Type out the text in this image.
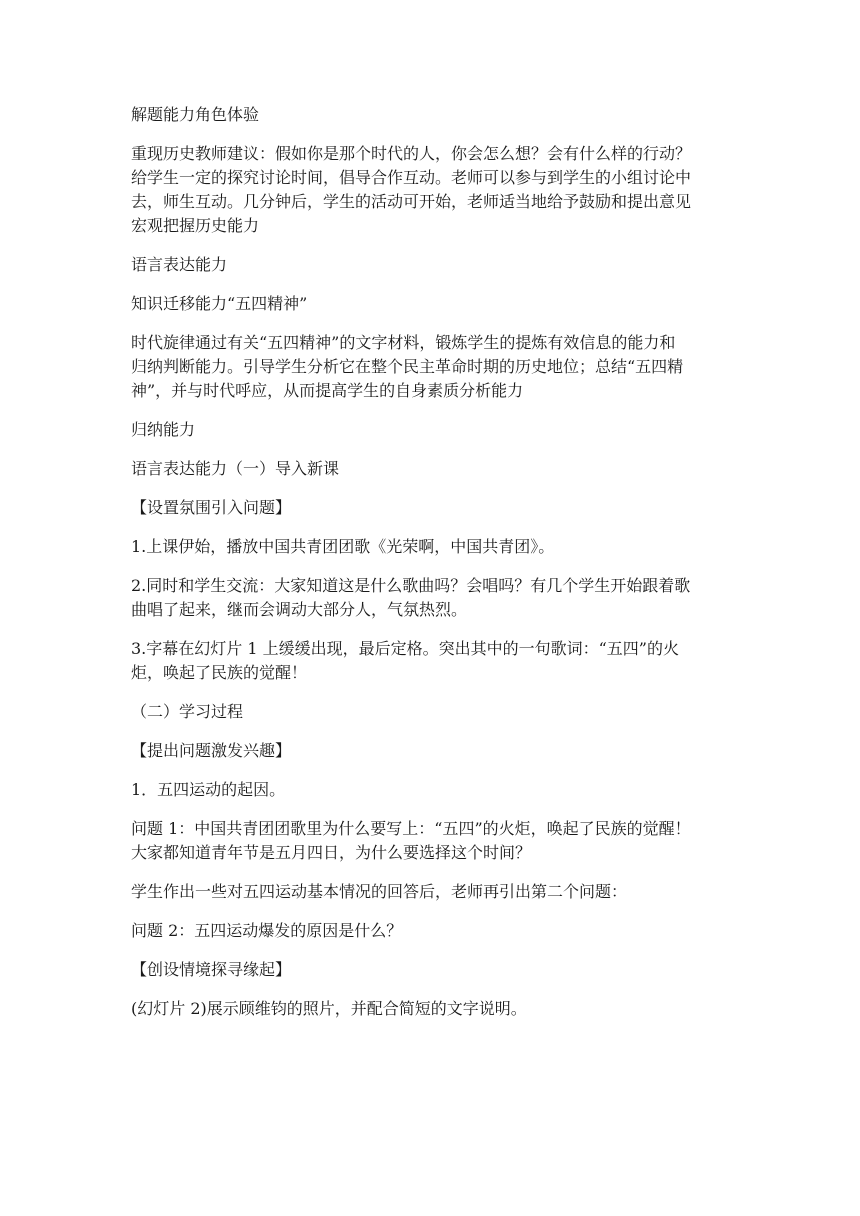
解题能力角色体验
重现历史教师建议：假如你是那个时代的人，你会怎么想？会有什么样的行动？
给学生一定的探究讨论时间，倡导合作互动。老师可以参与到学生的小组讨论中
去，师生互动。几分钟后，学生的活动可开始，老师适当地给予鼓励和提出意见
宏观把握历史能力
语言表达能力
知识迁移能力“五四精神”
时代旋律通过有关“五四精神”的文字材料，锻炼学生的提炼有效信息的能力和
归纳判断能力。引导学生分析它在整个民主革命时期的历史地位；总结“五四精
神”，并与时代呼应，从而提高学生的自身素质分析能力
归纳能力
语言表达能力（一）导入新课
【设置氛围引入问题】
1.上课伊始，播放中国共青团团歌《光荣啊，中国共青团》。
2.同时和学生交流：大家知道这是什么歌曲吗？会唱吗？有几个学生开始跟着歌
曲唱了起来，继而会调动大部分人，气氛热烈。
3.字幕在幻灯片 1 上缓缓出现，最后定格。突出其中的一句歌词：“五四”的火
炬，唤起了民族的觉醒！
（二）学习过程
【提出问题激发兴趣】
1．五四运动的起因。
问题 1：中国共青团团歌里为什么要写上：“五四”的火炬，唤起了民族的觉醒！
大家都知道青年节是五月四日，为什么要选择这个时间？
学生作出一些对五四运动基本情况的回答后，老师再引出第二个问题：
问题 2：五四运动爆发的原因是什么？
【创设情境探寻缘起】
(幻灯片 2)展示顾维钧的照片，并配合简短的文字说明。
